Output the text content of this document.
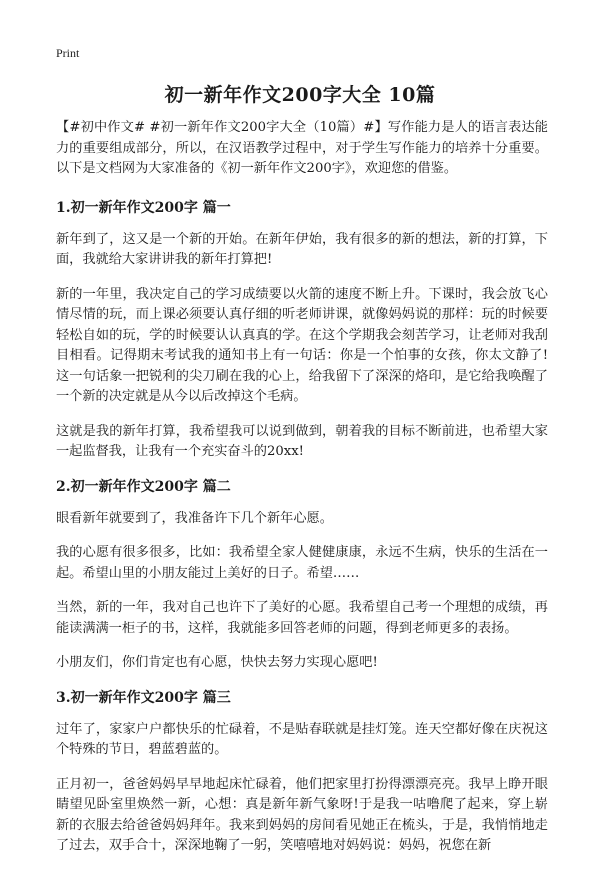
Print
初一新年作文200字大全 10篇

【#初中作文# #初一新年作文200字大全（10篇）#】写作能力是人的语言表达能力的重要组成部分，所以，在汉语教学过程中，对于学生写作能力的培养十分重要。以下是文档网为大家准备的《初一新年作文200字》，欢迎您的借鉴。

1.初一新年作文200字 篇一

新年到了，这又是一个新的开始。在新年伊始，我有很多的新的想法，新的打算，下面，我就给大家讲讲我的新年打算把!

新的一年里，我决定自己的学习成绩要以火箭的速度不断上升。下课时，我会放飞心情尽情的玩，而上课必须要认真仔细的听老师讲课，就像妈妈说的那样：玩的时候要轻松自如的玩，学的时候要认认真真的学。在这个学期我会刻苦学习，让老师对我刮目相看。记得期末考试我的通知书上有一句话：你是一个怕事的女孩，你太文静了!这一句话象一把锐利的尖刀刷在我的心上，给我留下了深深的烙印，是它给我唤醒了一个新的决定就是从今以后改掉这个毛病。

这就是我的新年打算，我希望我可以说到做到，朝着我的目标不断前进，也希望大家一起监督我，让我有一个充实奋斗的20xx!

2.初一新年作文200字 篇二

眼看新年就要到了，我准备许下几个新年心愿。

我的心愿有很多很多，比如：我希望全家人健健康康，永远不生病，快乐的生活在一起。希望山里的小朋友能过上美好的日子。希望……

当然，新的一年，我对自己也许下了美好的心愿。我希望自己考一个理想的成绩，再能读满满一柜子的书，这样，我就能多回答老师的问题，得到老师更多的表扬。

小朋友们，你们肯定也有心愿，快快去努力实现心愿吧!

3.初一新年作文200字 篇三

过年了，家家户户都快乐的忙碌着，不是贴春联就是挂灯笼。连天空都好像在庆祝这个特殊的节日，碧蓝碧蓝的。

正月初一，爸爸妈妈早早地起床忙碌着，他们把家里打扮得漂漂亮亮。我早上睁开眼睛望见卧室里焕然一新，心想：真是新年新气象呀!于是我一咕噜爬了起来，穿上崭新的衣服去给爸爸妈妈拜年。我来到妈妈的房间看见她正在梳头，于是，我悄悄地走了过去，双手合十，深深地鞠了一躬，笑嘻嘻地对妈妈说：妈妈，祝您在新
